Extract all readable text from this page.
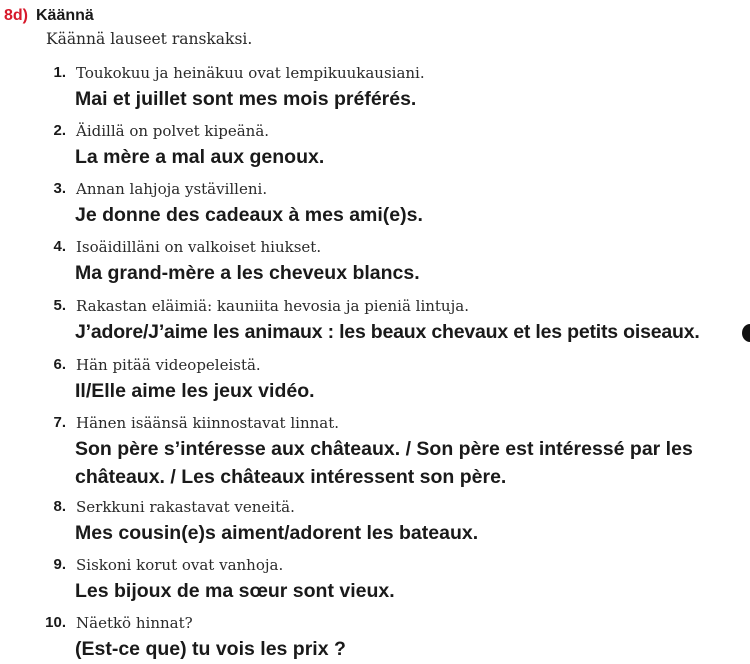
8d) Käännä
Käännä lauseet ranskaksi.
1. Toukokuu ja heinäkuu ovat lempikuukausiani.
Mai et juillet sont mes mois préférés.
2. Äidillä on polvet kipeänä.
La mère a mal aux genoux.
3. Annan lahjoja ystävilleni.
Je donne des cadeaux à mes ami(e)s.
4. Isoäidilläni on valkoiset hiukset.
Ma grand-mère a les cheveux blancs.
5. Rakastan eläimiä: kauniita hevosia ja pieniä lintuja.
J’adore/J’aime les animaux : les beaux chevaux et les petits oiseaux.
6. Hän pitää videopeleistä.
Il/Elle aime les jeux vidéo.
7. Hänen isäänsä kiinnostavat linnat.
Son père s’intéresse aux châteaux. / Son père est intéressé par les châteaux. / Les châteaux intéressent son père.
8. Serkkuni rakastavat veneitä.
Mes cousin(e)s aiment/adorent les bateaux.
9. Siskoni korut ovat vanhoja.
Les bijoux de ma sœur sont vieux.
10. Näetkö hinnat?
(Est-ce que) tu vois les prix ?
